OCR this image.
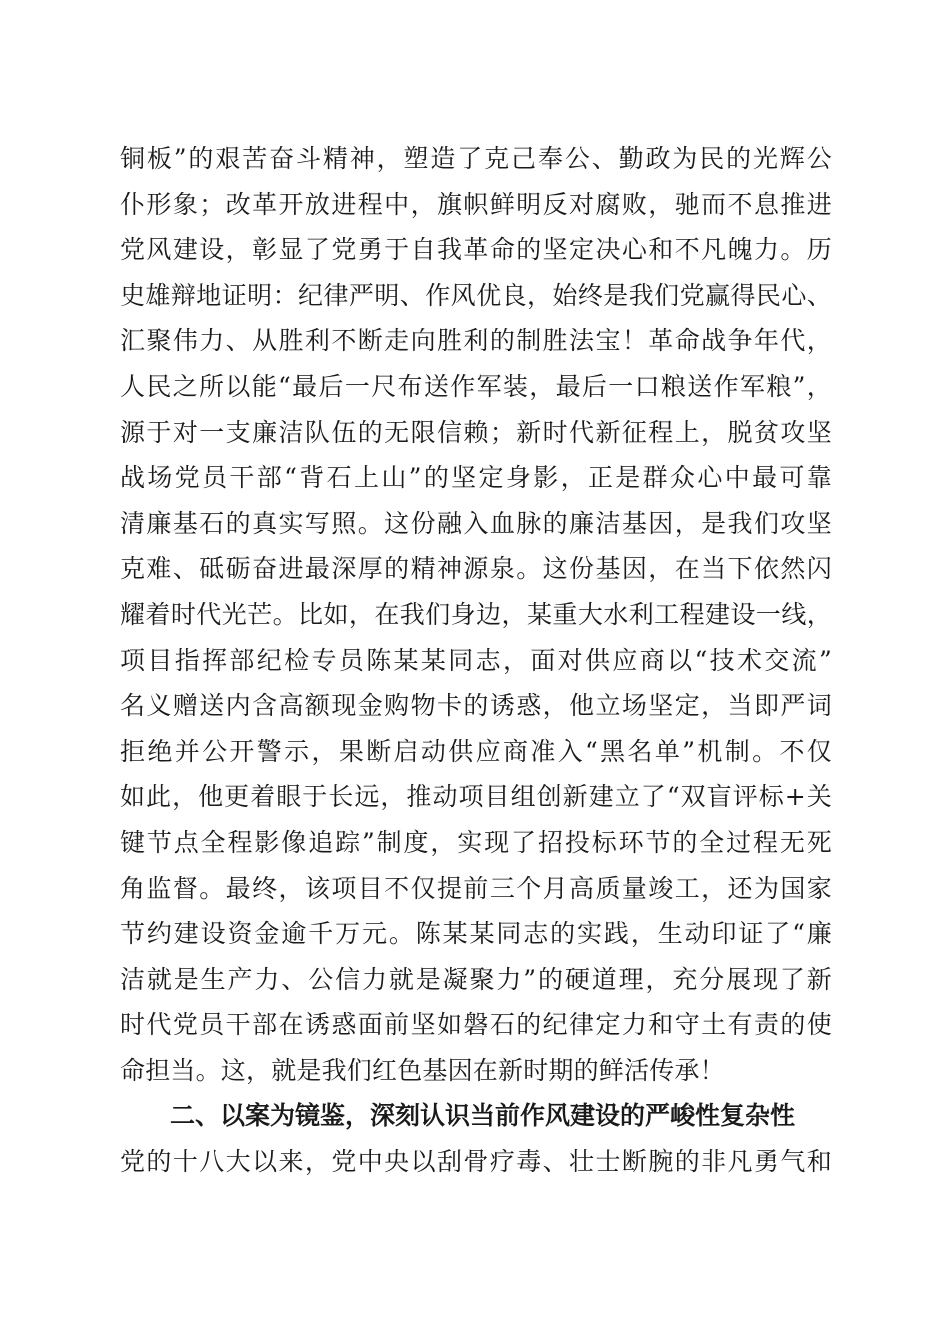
铜板”的艰苦奋斗精神，塑造了克己奉公、勤政为民的光辉公
仆形象；改革开放进程中，旗帜鲜明反对腐败，驰而不息推进
党风建设，彰显了党勇于自我革命的坚定决心和不凡魄力。历
史雄辩地证明：纪律严明、作风优良，始终是我们党赢得民心、
汇聚伟力、从胜利不断走向胜利的制胜法宝！革命战争年代，
人民之所以能“最后一尺布送作军装，最后一口粮送作军粮”，
源于对一支廉洁队伍的无限信赖；新时代新征程上，脱贫攻坚
战场党员干部“背石上山”的坚定身影，正是群众心中最可靠
清廉基石的真实写照。这份融入血脉的廉洁基因，是我们攻坚
克难、砥砺奋进最深厚的精神源泉。这份基因，在当下依然闪
耀着时代光芒。比如，在我们身边，某重大水利工程建设一线，
项目指挥部纪检专员陈某某同志，面对供应商以“技术交流”
名义赠送内含高额现金购物卡的诱惑，他立场坚定，当即严词
拒绝并公开警示，果断启动供应商准入“黑名单”机制。不仅
如此，他更着眼于长远，推动项目组创新建立了“双盲评标+关
键节点全程影像追踪”制度，实现了招投标环节的全过程无死
角监督。最终，该项目不仅提前三个月高质量竣工，还为国家
节约建设资金逾千万元。陈某某同志的实践，生动印证了“廉
洁就是生产力、公信力就是凝聚力”的硬道理，充分展现了新
时代党员干部在诱惑面前坚如磐石的纪律定力和守土有责的使
命担当。这，就是我们红色基因在新时期的鲜活传承！
二、以案为镜鉴，深刻认识当前作风建设的严峻性复杂性
党的十八大以来，党中央以刮骨疗毒、壮士断腕的非凡勇气和
